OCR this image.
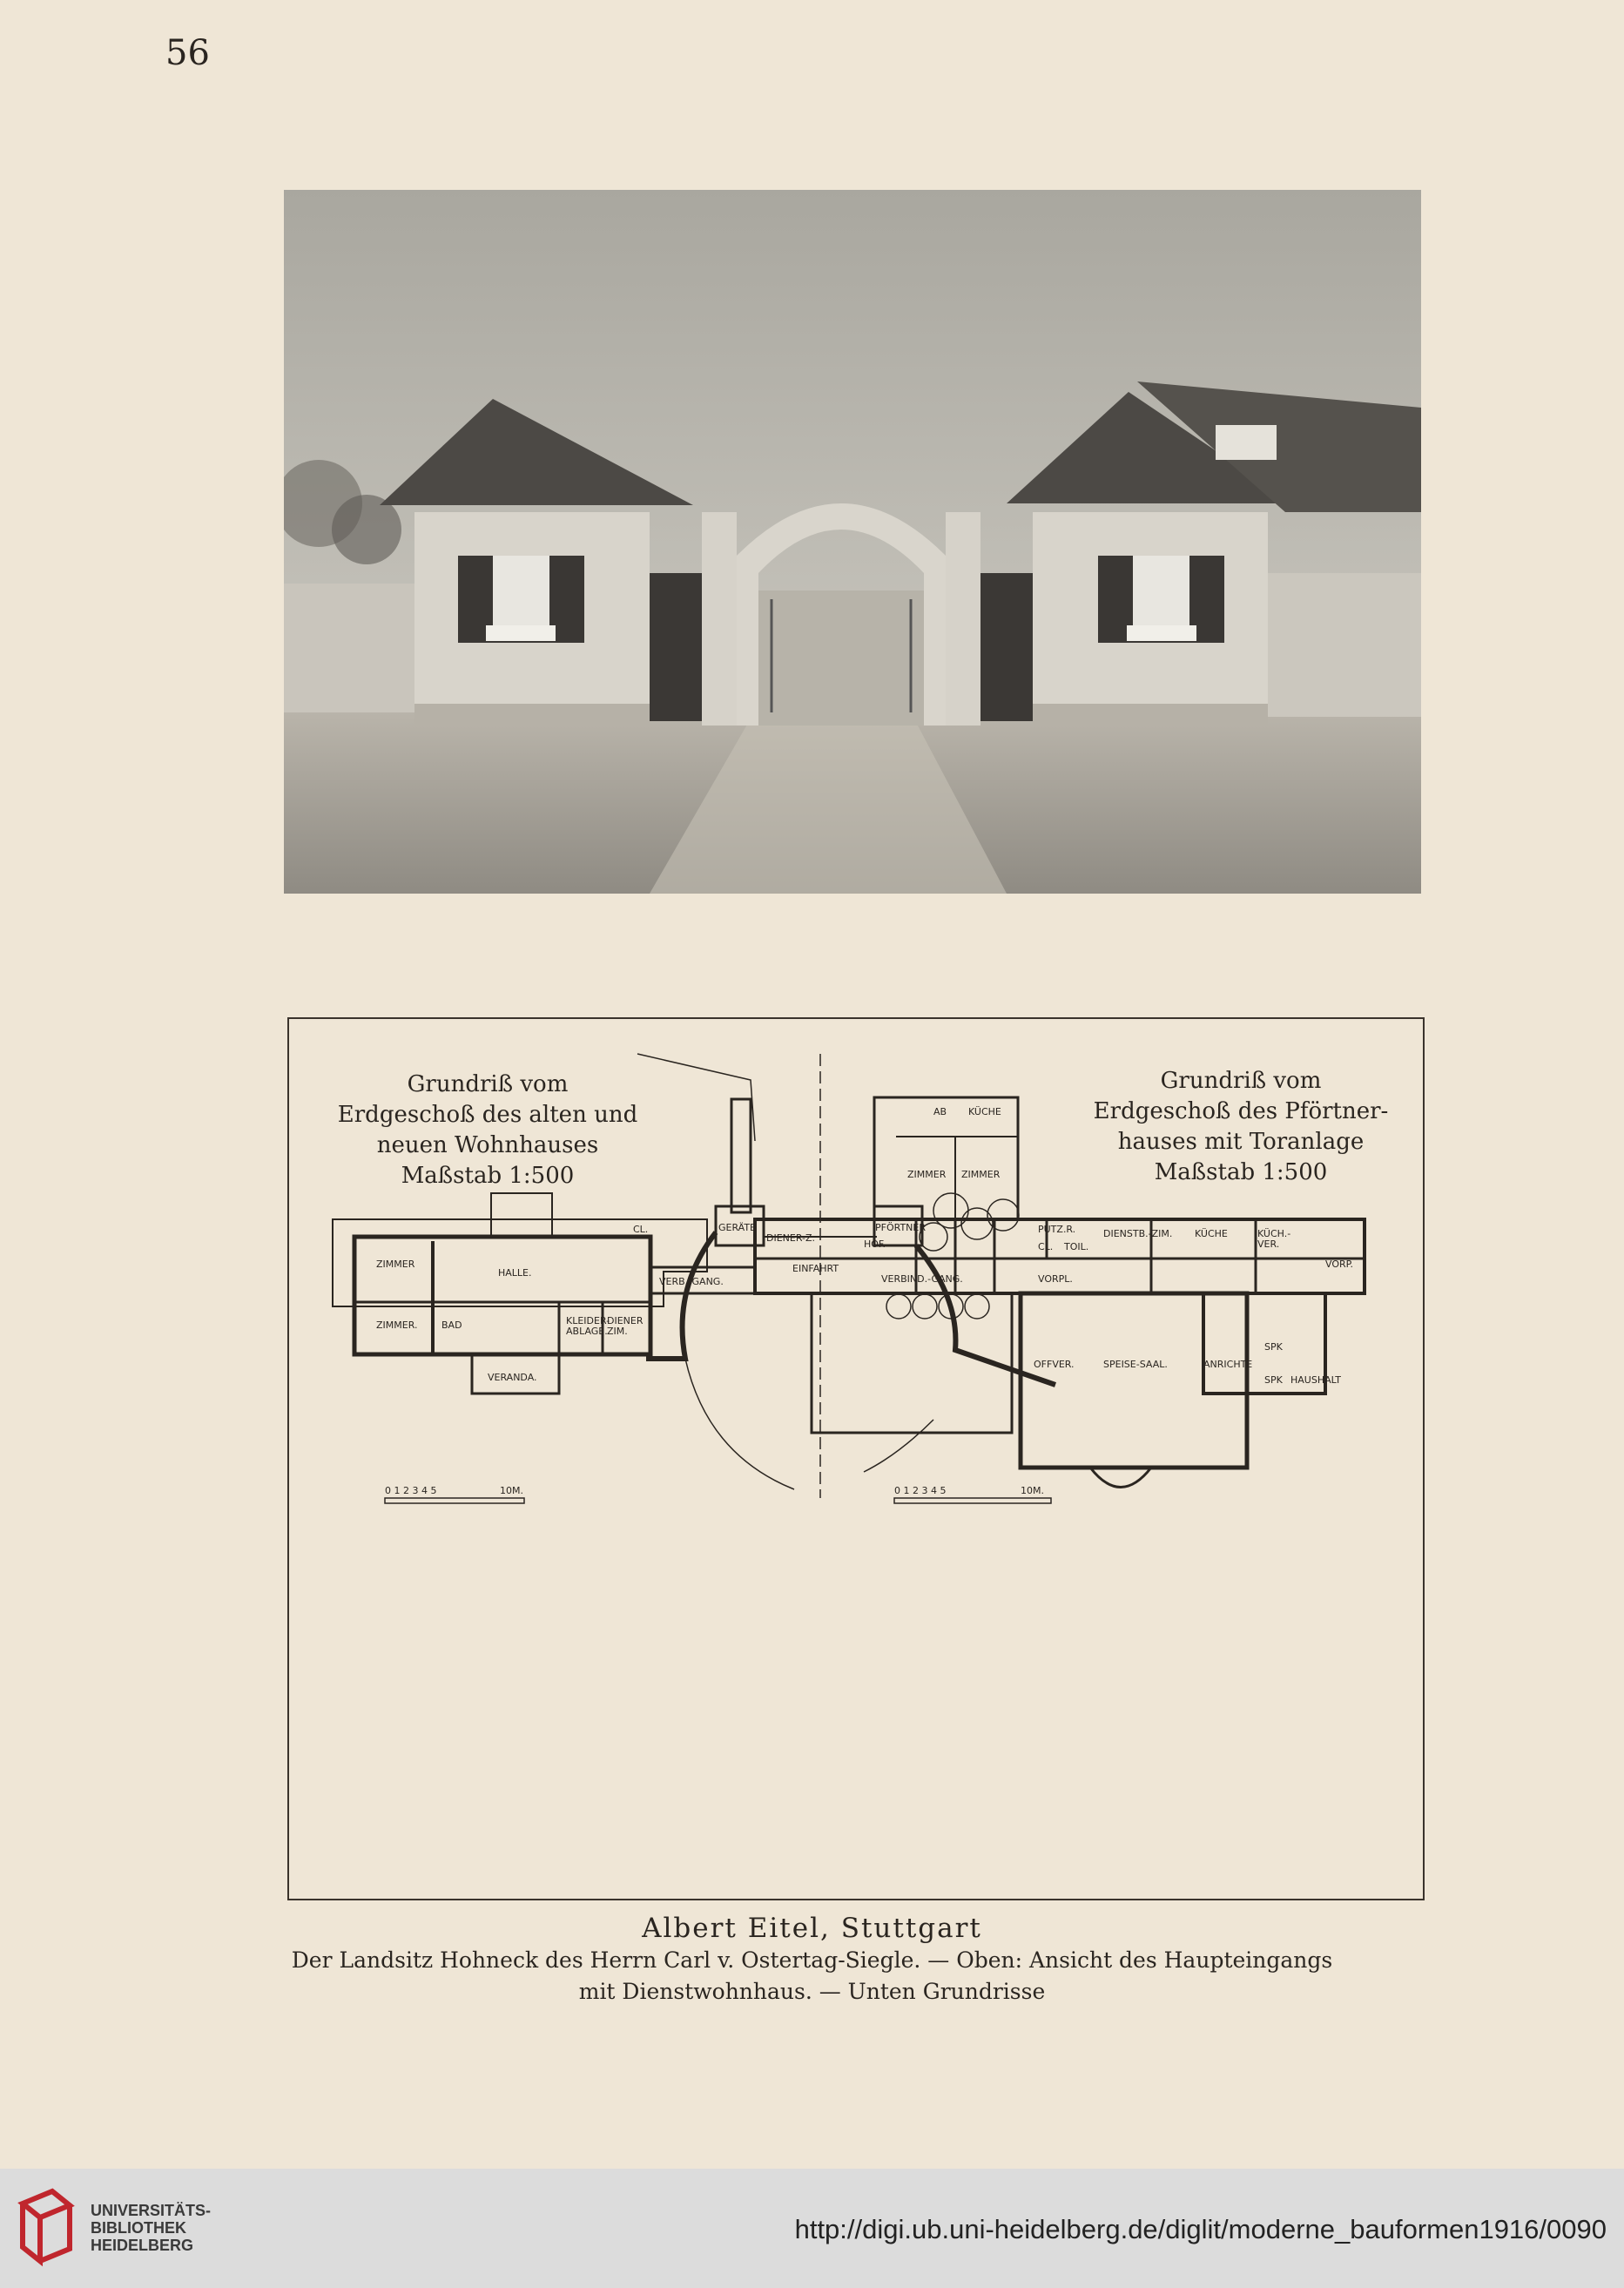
56
GERÄTE	PFÖRTNER
EINFAHRT
ZIMMER ZIMMER
KÜCHE
AB
ZIMMER
ZIMMER.	BAD
HALLE.
KLEIDER-ABLAGE.
DIENER ZIM.
VERANDA.
CL.
VERB.-GANG.
DIENER-Z.
HOF.
VERBIND.-GANG.
PUTZ.R.
TOIL.
CL.
VORPL.
DIENSTB.-ZIM. KÜCHE	KÜCH.-VER.
VORP.
OFFVER.	SPEISE-SAAL.	ANRICHTE
SPK
SPK HAUSHALT
0 1 2 3 4 5	10M.
0 1 2 3 4 5	10M.
Grundriß vom
Erdgeschoß des alten und
neuen Wohnhauses
Maßstab 1:500
Grundriß vom
Erdgeschoß des Pförtner-
hauses mit Toranlage
Maßstab 1:500
Albert Eitel, Stuttgart
Der Landsitz Hohneck des Herrn Carl v. Ostertag-Siegle. — Oben: Ansicht des Haupteingangs
mit Dienstwohnhaus. — Unten Grundrisse
UNIVERSITÄTS-
BIBLIOTHEK
HEIDELBERG
http://digi.ub.uni-heidelberg.de/diglit/moderne_bauformen1916/0090
